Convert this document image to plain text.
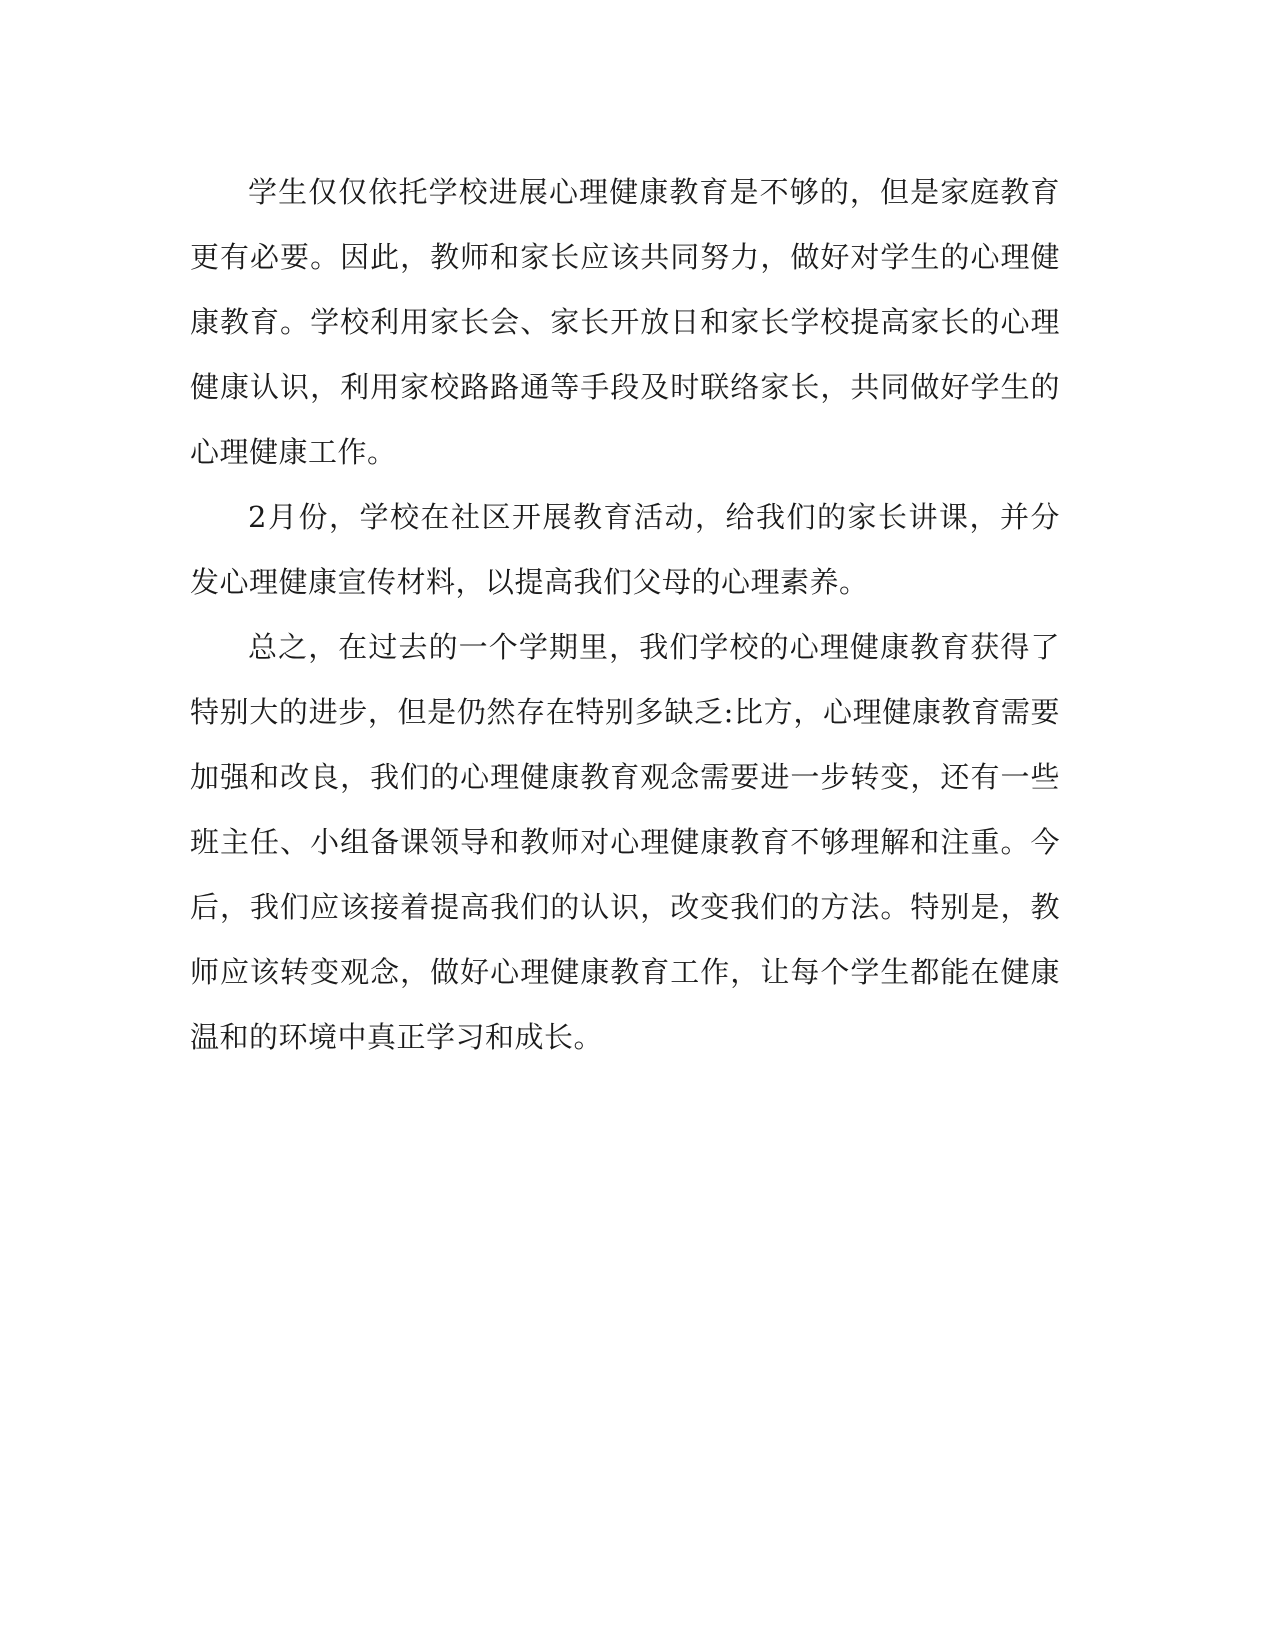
学生仅仅依托学校进展心理健康教育是不够的，但是家庭教育更有必要。因此，教师和家长应该共同努力，做好对学生的心理健康教育。学校利用家长会、家长开放日和家长学校提高家长的心理健康认识，利用家校路路通等手段及时联络家长，共同做好学生的心理健康工作。

2月份，学校在社区开展教育活动，给我们的家长讲课，并分发心理健康宣传材料，以提高我们父母的心理素养。

总之，在过去的一个学期里，我们学校的心理健康教育获得了特别大的进步，但是仍然存在特别多缺乏:比方，心理健康教育需要加强和改良，我们的心理健康教育观念需要进一步转变，还有一些班主任、小组备课领导和教师对心理健康教育不够理解和注重。今后，我们应该接着提高我们的认识，改变我们的方法。特别是，教师应该转变观念，做好心理健康教育工作，让每个学生都能在健康温和的环境中真正学习和成长。
